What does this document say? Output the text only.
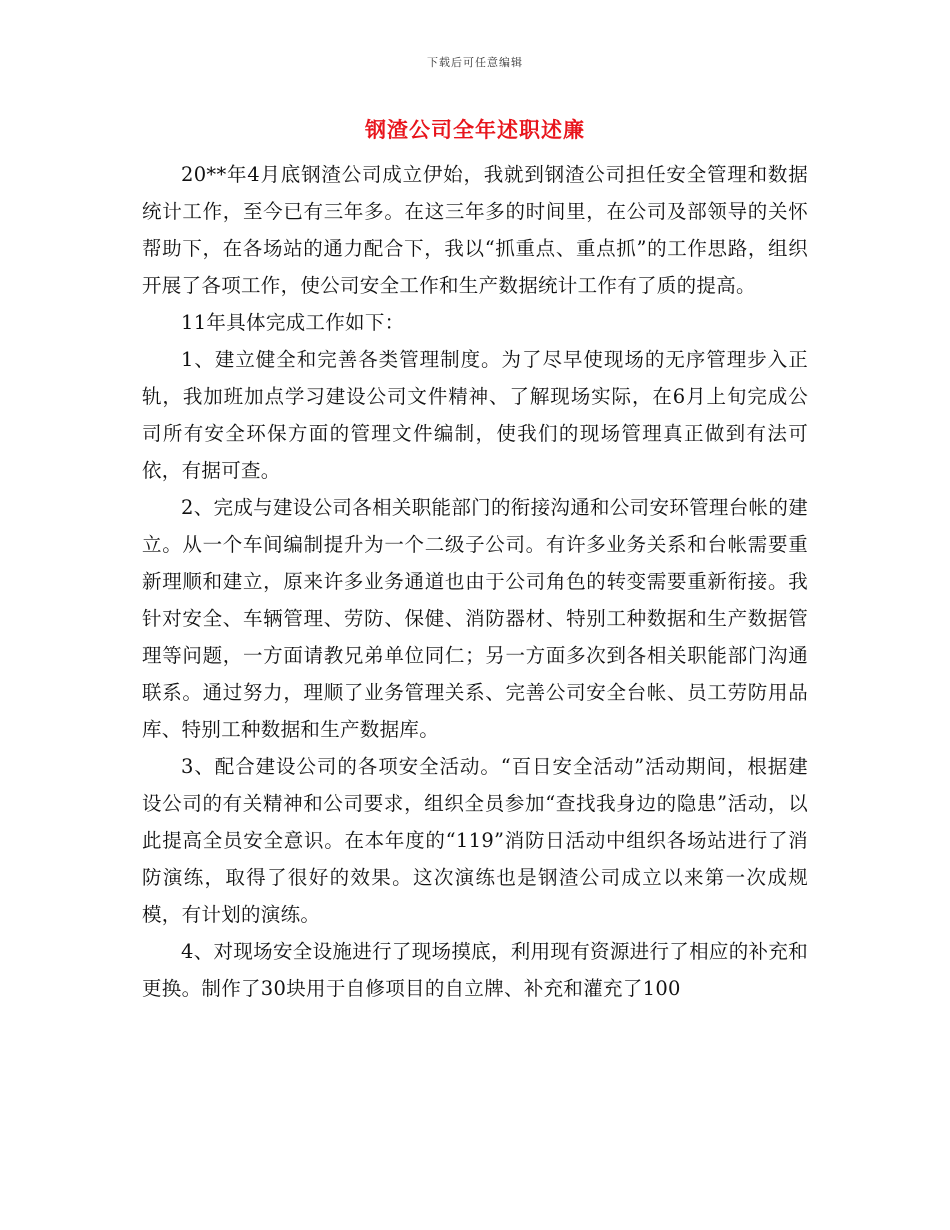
下载后可任意编辑
钢渣公司全年述职述廉

20**年4月底钢渣公司成立伊始，我就到钢渣公司担任安全管理和数据统计工作，至今已有三年多。在这三年多的时间里，在公司及部领导的关怀帮助下，在各场站的通力配合下，我以“抓重点、重点抓”的工作思路，组织开展了各项工作，使公司安全工作和生产数据统计工作有了质的提高。

11年具体完成工作如下：

1、建立健全和完善各类管理制度。为了尽早使现场的无序管理步入正轨，我加班加点学习建设公司文件精神、了解现场实际，在6月上旬完成公司所有安全环保方面的管理文件编制，使我们的现场管理真正做到有法可依，有据可查。

2、完成与建设公司各相关职能部门的衔接沟通和公司安环管理台帐的建立。从一个车间编制提升为一个二级子公司。有许多业务关系和台帐需要重新理顺和建立，原来许多业务通道也由于公司角色的转变需要重新衔接。我针对安全、车辆管理、劳防、保健、消防器材、特别工种数据和生产数据管理等问题，一方面请教兄弟单位同仁；另一方面多次到各相关职能部门沟通联系。通过努力，理顺了业务管理关系、完善公司安全台帐、员工劳防用品库、特别工种数据和生产数据库。

3、配合建设公司的各项安全活动。“百日安全活动”活动期间，根据建设公司的有关精神和公司要求，组织全员参加“查找我身边的隐患”活动，以此提高全员安全意识。在本年度的“119”消防日活动中组织各场站进行了消防演练，取得了很好的效果。这次演练也是钢渣公司成立以来第一次成规模，有计划的演练。

4、对现场安全设施进行了现场摸底，利用现有资源进行了相应的补充和更换。制作了30块用于自修项目的自立牌、补充和灌充了100
